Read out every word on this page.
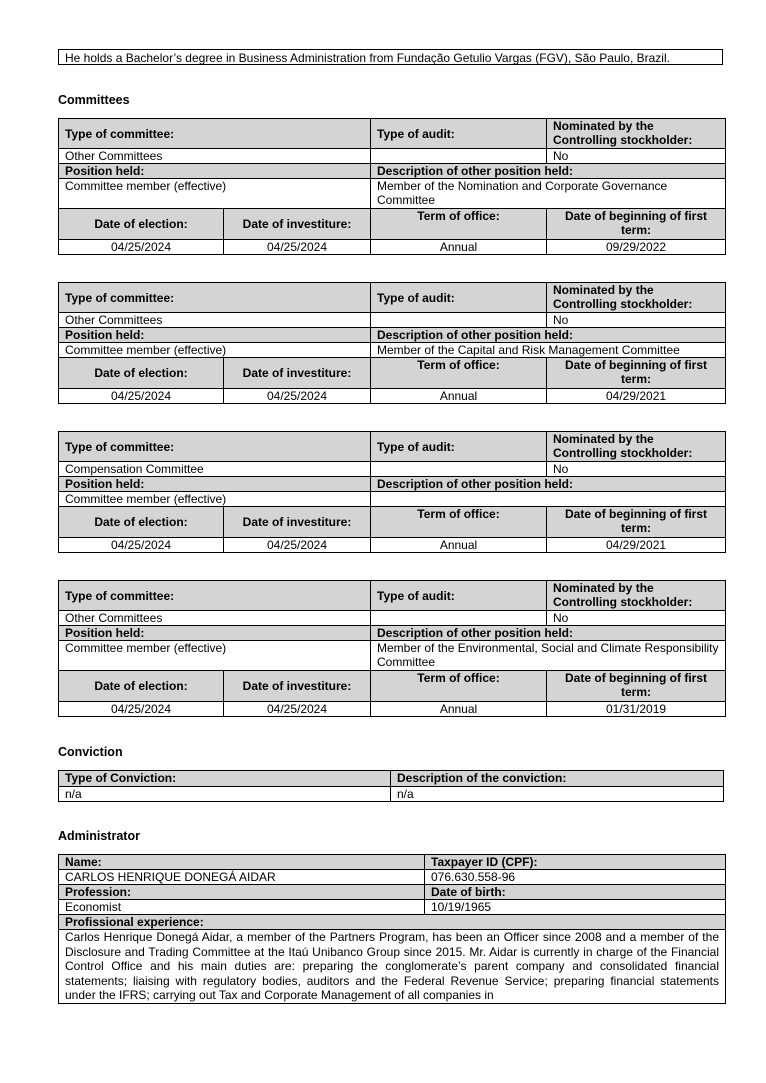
He holds a Bachelor’s degree in Business Administration from Fundação Getulio Vargas (FGV), São Paulo, Brazil.
Committees
Type of committee:		Type of audit:	Nominated by the Controlling stockholder:
Other Committees			No
Position held:		Description of other position held:	
Committee member (effective)		Member of the Nomination and Corporate Governance Committee	
Date of election:	Date of investiture:	Term of office:	Date of beginning of first term:
04/25/2024	04/25/2024	Annual	09/29/2022
Type of committee:		Type of audit:	Nominated by the Controlling stockholder:
Other Committees			No
Position held:		Description of other position held:	
Committee member (effective)		Member of the Capital and Risk Management Committee	
Date of election:	Date of investiture:	Term of office:	Date of beginning of first term:
04/25/2024	04/25/2024	Annual	04/29/2021
Type of committee:		Type of audit:	Nominated by the Controlling stockholder:
Compensation Committee			No
Position held:		Description of other position held:	
Committee member (effective)			
Date of election:	Date of investiture:	Term of office:	Date of beginning of first term:
04/25/2024	04/25/2024	Annual	04/29/2021
Type of committee:		Type of audit:	Nominated by the Controlling stockholder:
Other Committees			No
Position held:		Description of other position held:	
Committee member (effective)		Member of the Environmental, Social and Climate Responsibility Committee	
Date of election:	Date of investiture:	Term of office:	Date of beginning of first term:
04/25/2024	04/25/2024	Annual	01/31/2019
Conviction
Type of Conviction:	Description of the conviction:
n/a	n/a
Administrator
Name:	Taxpayer ID (CPF):
CARLOS HENRIQUE DONEGÁ AIDAR	076.630.558-96
Profession:	Date of birth:
Economist	10/19/1965
Profissional experience:	
Carlos Henrique Donegá Aidar, a member of the Partners Program, has been an Officer since 2008 and a member of the Disclosure and Trading Committee at the Itaú Unibanco Group since 2015. Mr. Aidar is currently in charge of the Financial Control Office and his main duties are: preparing the conglomerate’s parent company and consolidated financial statements; liaising with regulatory bodies, auditors and the Federal Revenue Service; preparing financial statements under the IFRS; carrying out Tax and Corporate Management of all companies in	
